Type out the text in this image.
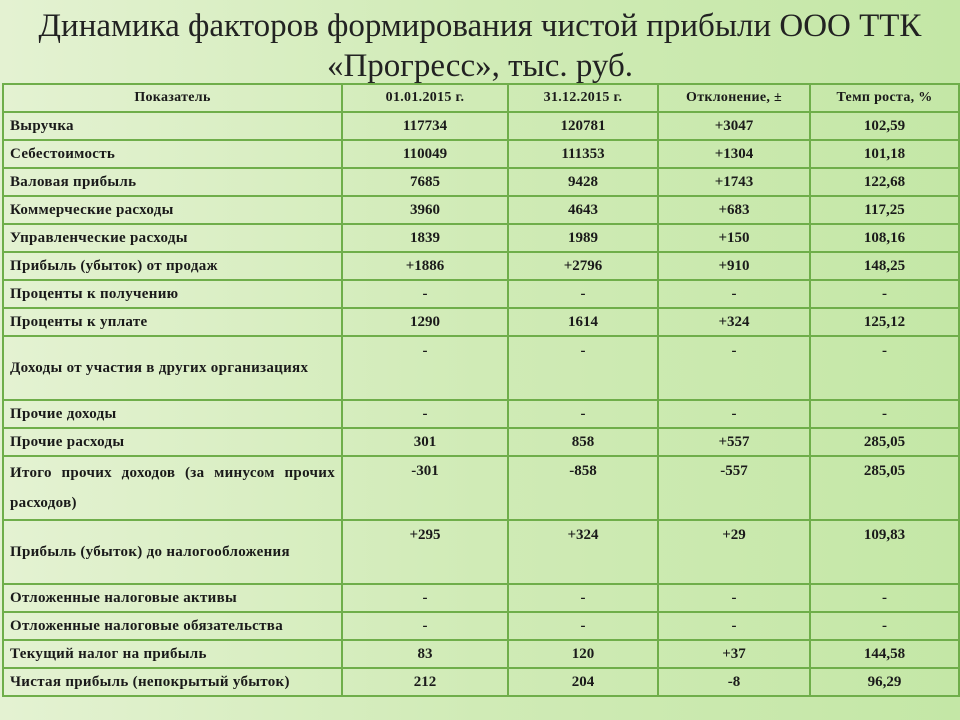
Динамика факторов формирования чистой прибыли ООО ТТК
«Прогресс», тыс. руб.
Показатель	01.01.2015 г.	31.12.2015 г.	Отклонение, ±	Темп роста, %
Выручка	117734	120781	+3047	102,59
Себестоимость	110049	111353	+1304	101,18
Валовая прибыль	7685	9428	+1743	122,68
Коммерческие расходы	3960	4643	+683	117,25
Управленческие расходы	1839	1989	+150	108,16
Прибыль (убыток) от продаж	+1886	+2796	+910	148,25
Проценты к получению	-	-	-	-
Проценты к уплате	1290	1614	+324	125,12
Доходы от участия в других организациях	-	-	-	-
Прочие доходы	-	-	-	-
Прочие расходы	301	858	+557	285,05
Итого прочих доходов (за минусом прочих расходов)	-301	-858	-557	285,05
Прибыль (убыток) до налогообложения	+295	+324	+29	109,83
Отложенные налоговые активы	-	-	-	-
Отложенные налоговые обязательства	-	-	-	-
Текущий налог на прибыль	83	120	+37	144,58
Чистая прибыль (непокрытый убыток)	212	204	-8	96,29
